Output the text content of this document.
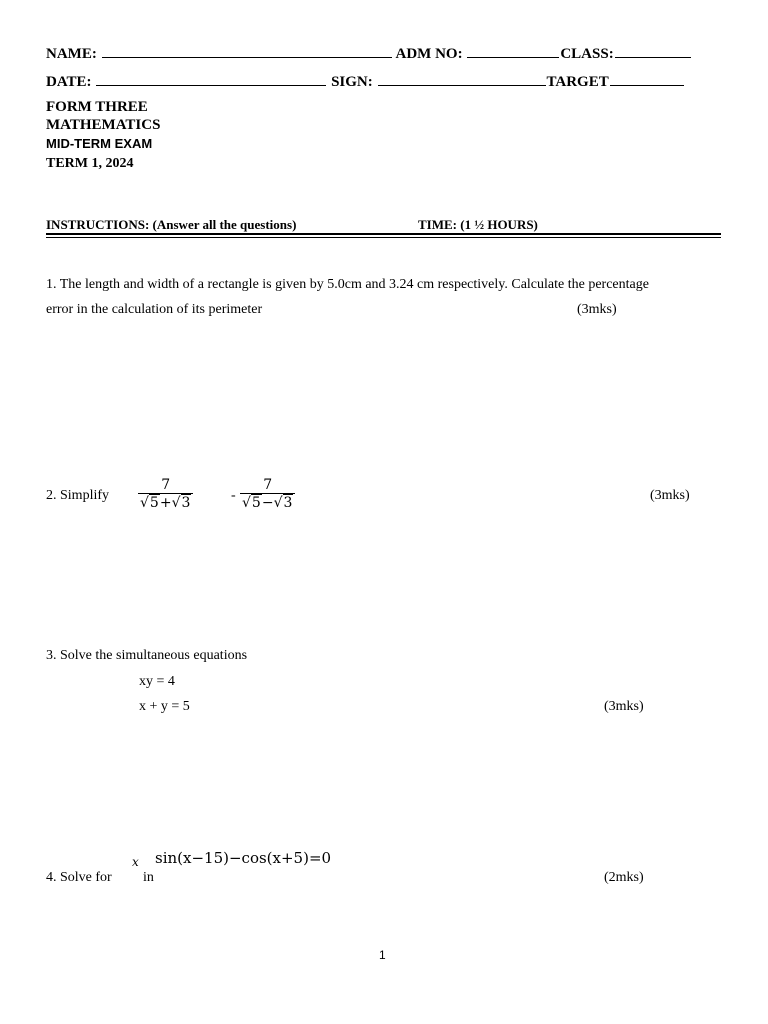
NAME:	ADM NO:	CLASS:
DATE:	SIGN:	TARGET
FORM THREE
MATHEMATICS
MID-TERM EXAM
TERM 1, 2024
INSTRUCTIONS: (Answer all the questions)	TIME: (1 ½ HOURS)
1. The length and width of a rectangle is given by 5.0cm and 3.24 cm respectively. Calculate the percentage
error in the calculation of its perimeter	(3mks)
2. Simplify $\frac{7}{√5+√3}$	- $\frac{7}{√5-√3}$	(3mks)
3. Solve the simultaneous equations
xy = 4
x + y = 5	(3mks)
sin(x−15)−cos(x+5)=0
x
4. Solve for in	(2mks)
1
